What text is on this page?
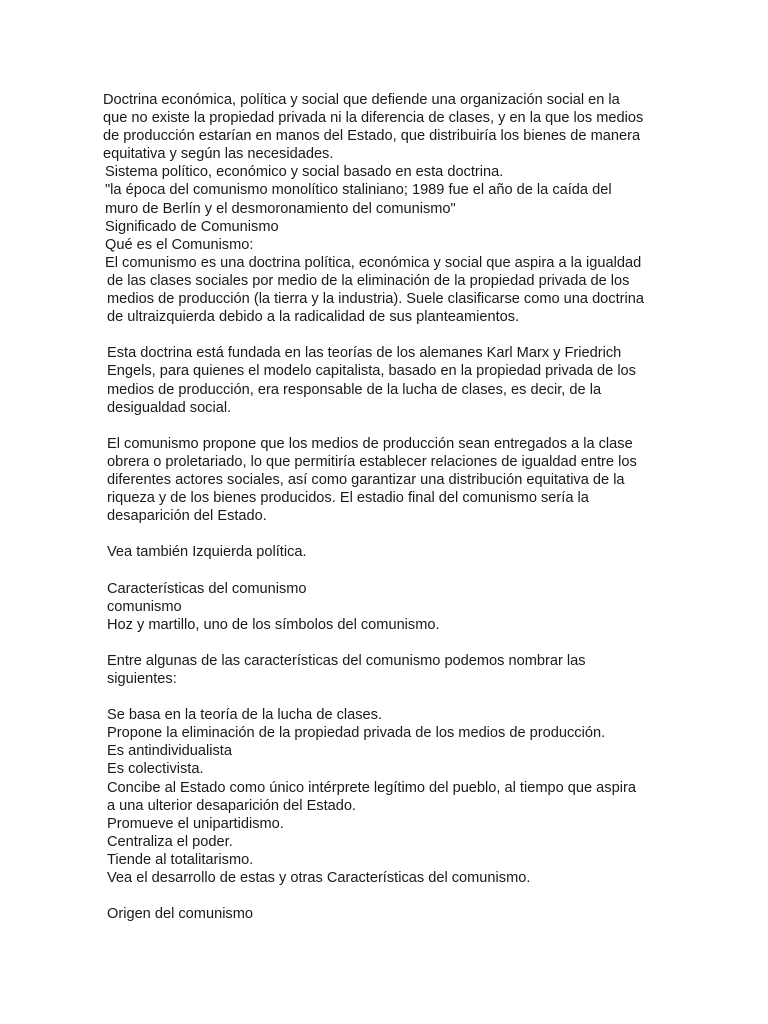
Doctrina económica, política y social que defiende una organización social en la
que no existe la propiedad privada ni la diferencia de clases, y en la que los medios
de producción estarían en manos del Estado, que distribuiría los bienes de manera
equitativa y según las necesidades.
Sistema político, económico y social basado en esta doctrina.
"la época del comunismo monolítico staliniano; 1989 fue el año de la caída del
muro de Berlín y el desmoronamiento del comunismo"
Significado de Comunismo
Qué es el Comunismo:
El comunismo es una doctrina política, económica y social que aspira a la igualdad
de las clases sociales por medio de la eliminación de la propiedad privada de los
medios de producción (la tierra y la industria). Suele clasificarse como una doctrina
de ultraizquierda debido a la radicalidad de sus planteamientos.
Esta doctrina está fundada en las teorías de los alemanes Karl Marx y Friedrich
Engels, para quienes el modelo capitalista, basado en la propiedad privada de los
medios de producción, era responsable de la lucha de clases, es decir, de la
desigualdad social.
El comunismo propone que los medios de producción sean entregados a la clase
obrera o proletariado, lo que permitiría establecer relaciones de igualdad entre los
diferentes actores sociales, así como garantizar una distribución equitativa de la
riqueza y de los bienes producidos. El estadio final del comunismo sería la
desaparición del Estado.
Vea también Izquierda política.
Características del comunismo
comunismo
Hoz y martillo, uno de los símbolos del comunismo.
Entre algunas de las características del comunismo podemos nombrar las
siguientes:
Se basa en la teoría de la lucha de clases.
Propone la eliminación de la propiedad privada de los medios de producción.
Es antindividualista
Es colectivista.
Concibe al Estado como único intérprete legítimo del pueblo, al tiempo que aspira
a una ulterior desaparición del Estado.
Promueve el unipartidismo.
Centraliza el poder.
Tiende al totalitarismo.
Vea el desarrollo de estas y otras Características del comunismo.
Origen del comunismo
